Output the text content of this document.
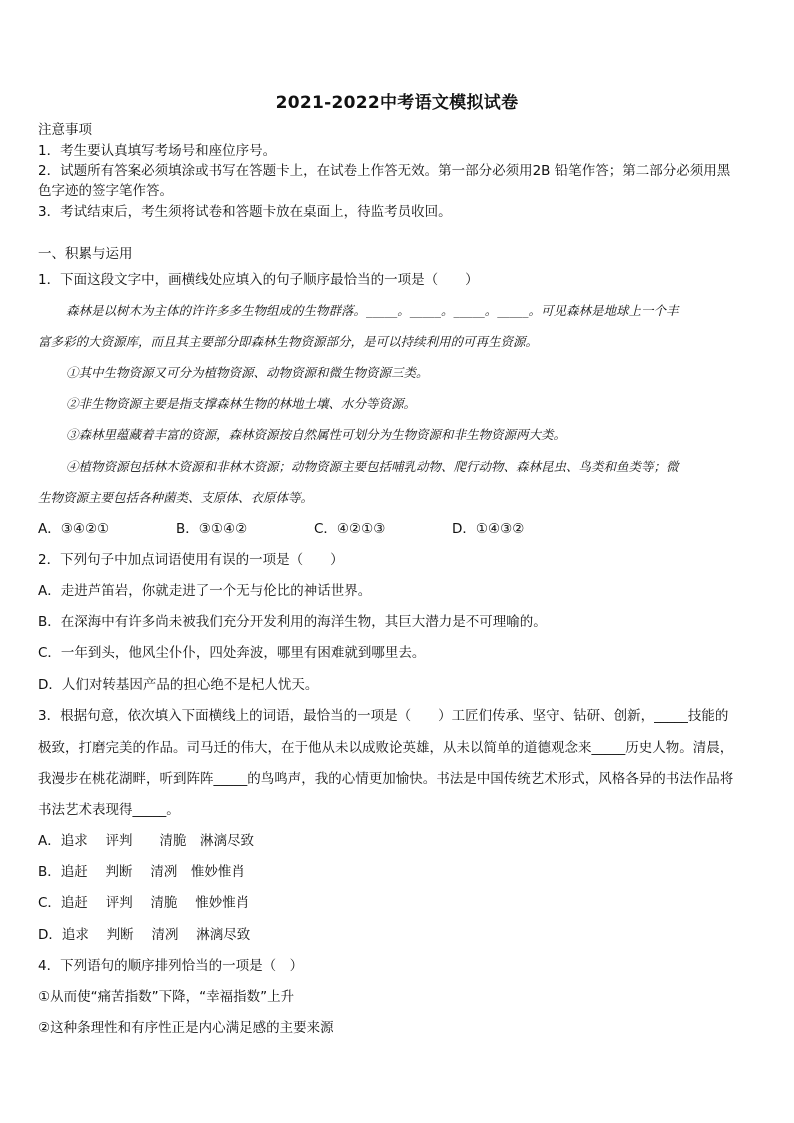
2021-2022中考语文模拟试卷
注意事项
1．考生要认真填写考场号和座位序号。
2．试题所有答案必须填涂或书写在答题卡上，在试卷上作答无效。第一部分必须用2B 铅笔作答；第二部分必须用黑
色字迹的签字笔作答。
3．考试结束后，考生须将试卷和答题卡放在桌面上，待监考员收回。
一、积累与运用
1．下面这段文字中，画横线处应填入的句子顺序最恰当的一项是（　　）
森林是以树木为主体的许许多多生物组成的生物群落。_____。_____。_____。_____。可见森林是地球上一个丰
富多彩的大资源库，而且其主要部分即森林生物资源部分，是可以持续利用的可再生资源。
①其中生物资源又可分为植物资源、动物资源和微生物资源三类。
②非生物资源主要是指支撑森林生物的林地土壤、水分等资源。
③森林里蕴藏着丰富的资源，森林资源按自然属性可划分为生物资源和非生物资源两大类。
④植物资源包括林木资源和非林木资源；动物资源主要包括哺乳动物、爬行动物、森林昆虫、鸟类和鱼类等；微
生物资源主要包括各种菌类、支原体、衣原体等。
A．③④②①	B．③①④②	C．④②①③	D．①④③②
2．下列句子中加点词语使用有误的一项是（　　）
A．走进芦笛岩，你就走进了一个无与伦比的神话世界。
B．在深海中有许多尚未被我们充分开发利用的海洋生物，其巨大潜力是不可理喻的。
C．一年到头，他风尘仆仆，四处奔波，哪里有困难就到哪里去。
D．人们对转基因产品的担心绝不是杞人忧天。
3．根据句意，依次填入下面横线上的词语，最恰当的一项是（　　）工匠们传承、坚守、钻研、创新，_____技能的
极致，打磨完美的作品。司马迁的伟大，在于他从未以成败论英雄，从未以简单的道德观念来_____历史人物。清晨，
我漫步在桃花湖畔，听到阵阵_____的鸟鸣声，我的心情更加愉快。书法是中国传统艺术形式，风格各异的书法作品将
书法艺术表现得_____。
A．追求　 评判　　清脆　淋漓尽致
B．追赶　 判断　 清冽　惟妙惟肖
C．追赶　 评判　 清脆　 惟妙惟肖
D．追求　 判断　 清冽　 淋漓尽致
4．下列语句的顺序排列恰当的一项是（　）
①从而使“痛苦指数”下降，“幸福指数”上升
②这种条理性和有序性正是内心满足感的主要来源
